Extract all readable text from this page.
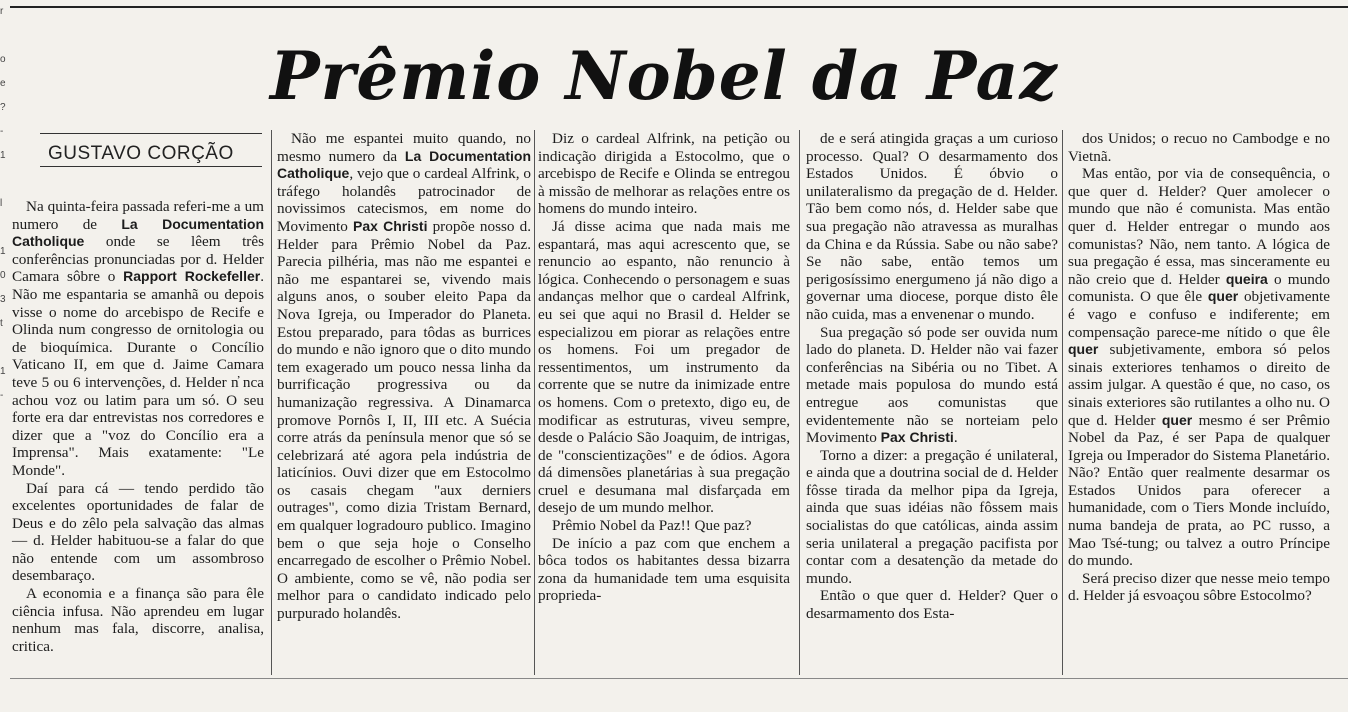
r

o
e
?
-
1

l

1
0
3
t

1
-

Prêmio Nobel da Paz
GUSTAVO CORÇÃO

Na quinta-feira passada referi-me a um numero de La Documentation Catholique onde se lêem três conferências pronunciadas por d. Helder Camara sôbre o Rapport Rockefeller. Não me espantaria se amanhã ou depois visse o nome do arcebispo de Recife e Olinda num congresso de ornitologia ou de bioquímica. Durante o Concílio Vaticano II, em que d. Jaime Camara teve 5 ou 6 intervenções, d. Helder n̓ nca achou voz ou latim para um só. O seu forte era dar entrevistas nos corredores e dizer que a "voz do Concílio era a Imprensa". Mais exatamente: "Le Monde".

Daí para cá — tendo perdido tão excelentes oportunidades de falar de Deus e do zêlo pela salvação das almas — d. Helder habituou-se a falar do que não entende com um assombroso desembaraço.

A economia e a finança são para êle ciência infusa. Não aprendeu em lugar nenhum mas fala, discorre, analisa, critica.

Não me espantei muito quando, no mesmo numero da La Documentation Catholique, vejo que o cardeal Alfrink, o tráfego holandês patrocinador de novissimos catecismos, em nome do Movimento Pax Christi propõe nosso d. Helder para Prêmio Nobel da Paz. Parecia pilhéria, mas não me espantei e não me espantarei se, vivendo mais alguns anos, o souber eleito Papa da Nova Igreja, ou Imperador do Planeta. Estou preparado, para tôdas as burrices do mundo e não ignoro que o dito mundo tem exagerado um pouco nessa linha da burrificação progressiva ou da humanização regressiva. A Dinamarca promove Pornôs I, II, III etc. A Suécia corre atrás da península menor que só se celebrizará até agora pela indústria de laticínios. Ouvi dizer que em Estocolmo os casais chegam "aux derniers outrages", como dizia Tristam Bernard, em qualquer logradouro publico. Imagino bem o que seja hoje o Conselho encarregado de escolher o Prêmio Nobel. O ambiente, como se vê, não podia ser melhor para o candidato indicado pelo purpurado holandês.

Diz o cardeal Alfrink, na petição ou indicação dirigida a Estocolmo, que o arcebispo de Recife e Olinda se entregou à missão de melhorar as relações entre os homens do mundo inteiro.

Já disse acima que nada mais me espantará, mas aqui acrescento que, se renuncio ao espanto, não renuncio à lógica. Conhecendo o personagem e suas andanças melhor que o cardeal Alfrink, eu sei que aqui no Brasil d. Helder se especializou em piorar as relações entre os homens. Foi um pregador de ressentimentos, um instrumento da corrente que se nutre da inimizade entre os homens. Com o pretexto, digo eu, de modificar as estruturas, viveu sempre, desde o Palácio São Joaquim, de intrigas, de "conscientizações" e de ódios. Agora dá dimensões planetárias à sua pregação cruel e desumana mal disfarçada em desejo de um mundo melhor.

Prêmio Nobel da Paz!! Que paz?

De início a paz com que enchem a bôca todos os habitantes dessa bizarra zona da humanidade tem uma esquisita proprieda-

de e será atingida graças a um curioso processo. Qual? O desarmamento dos Estados Unidos. É óbvio o unilateralismo da pregação de d. Helder. Tão bem como nós, d. Helder sabe que sua pregação não atravessa as muralhas da China e da Rússia. Sabe ou não sabe? Se não sabe, então temos um perigosíssimo energumeno já não digo a governar uma diocese, porque disto êle não cuida, mas a envenenar o mundo.

Sua pregação só pode ser ouvida num lado do planeta. D. Helder não vai fazer conferências na Sibéria ou no Tibet. A metade mais populosa do mundo está entregue aos comunistas que evidentemente não se norteiam pelo Movimento Pax Christi.

Torno a dizer: a pregação é unilateral, e ainda que a doutrina social de d. Helder fôsse tirada da melhor pipa da Igreja, ainda que suas idéias não fôssem mais socialistas do que católicas, ainda assim seria unilateral a pregação pacifista por contar com a desatenção da metade do mundo.

Então o que quer d. Helder? Quer o desarmamento dos Esta-

dos Unidos; o recuo no Cambodge e no Vietnã.

Mas então, por via de consequência, o que quer d. Helder? Quer amolecer o mundo que não é comunista. Mas então quer d. Helder entregar o mundo aos comunistas? Não, nem tanto. A lógica de sua pregação é essa, mas sinceramente eu não creio que d. Helder queira o mundo comunista. O que êle quer objetivamente é vago e confuso e indiferente; em compensação parece-me nítido o que êle quer subjetivamente, embora só pelos sinais exteriores tenhamos o direito de assim julgar. A questão é que, no caso, os sinais exteriores são rutilantes a olho nu. O que d. Helder quer mesmo é ser Prêmio Nobel da Paz, é ser Papa de qualquer Igreja ou Imperador do Sistema Planetário. Não? Então quer realmente desarmar os Estados Unidos para oferecer a humanidade, com o Tiers Monde incluído, numa bandeja de prata, ao PC russo, a Mao Tsé-tung; ou talvez a outro Príncipe do mundo.

Será preciso dizer que nesse meio tempo d. Helder já esvoaçou sôbre Estocolmo?
